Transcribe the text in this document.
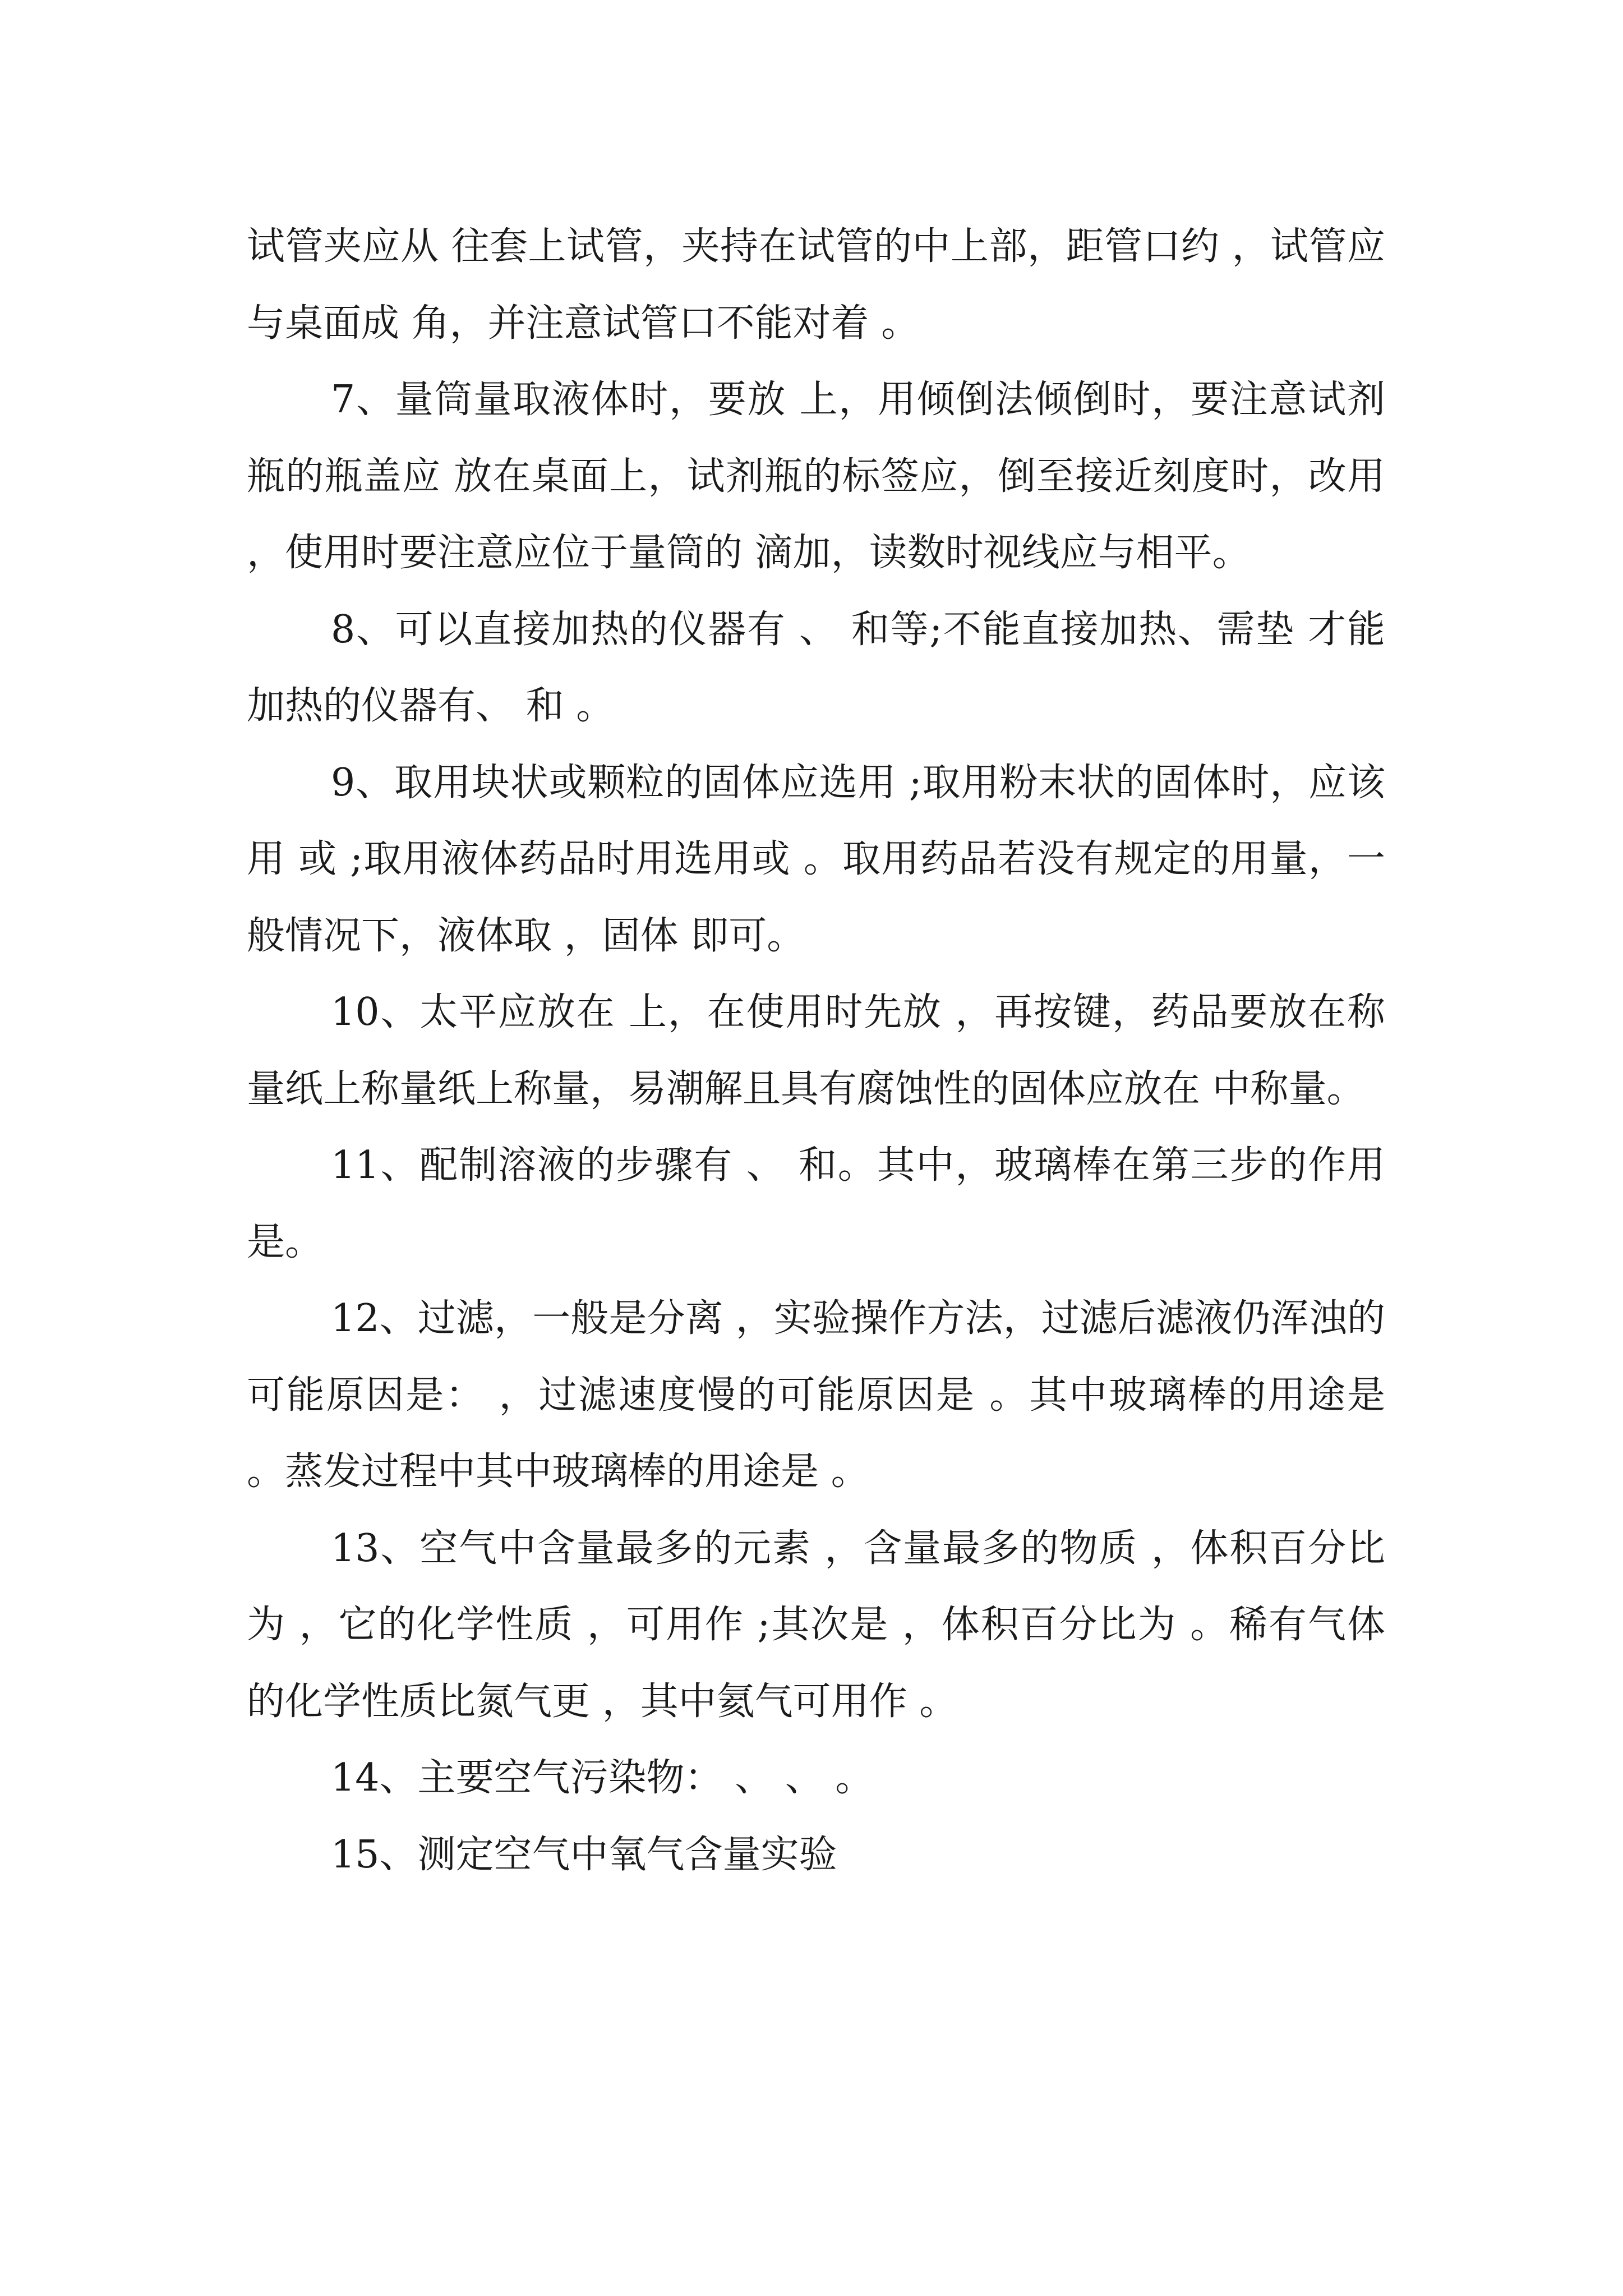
试管夹应从 往套上试管，夹持在试管的中上部，距管口约 ，试管应与桌面成 角，并注意试管口不能对着 。

7、量筒量取液体时，要放 上，用倾倒法倾倒时，要注意试剂瓶的瓶盖应 放在桌面上，试剂瓶的标签应，倒至接近刻度时，改用 ，使用时要注意应位于量筒的 滴加，读数时视线应与相平。

8、可以直接加热的仪器有 、 和等;不能直接加热、需垫 才能加热的仪器有、 和 。

9、取用块状或颗粒的固体应选用 ;取用粉末状的固体时，应该用 或 ;取用液体药品时用选用或 。取用药品若没有规定的用量，一般情况下，液体取 ，固体 即可。

10、太平应放在 上，在使用时先放 ，再按键，药品要放在称量纸上称量纸上称量，易潮解且具有腐蚀性的固体应放在 中称量。

11、配制溶液的步骤有 、 和。其中，玻璃棒在第三步的作用是。

12、过滤，一般是分离 ，实验操作方法，过滤后滤液仍浑浊的可能原因是： ，过滤速度慢的可能原因是 。其中玻璃棒的用途是 。蒸发过程中其中玻璃棒的用途是 。

13、空气中含量最多的元素 ，含量最多的物质 ，体积百分比为 ，它的化学性质 ，可用作 ;其次是 ，体积百分比为 。稀有气体的化学性质比氮气更 ，其中氦气可用作 。

14、主要空气污染物： 、 、 。

15、测定空气中氧气含量实验
